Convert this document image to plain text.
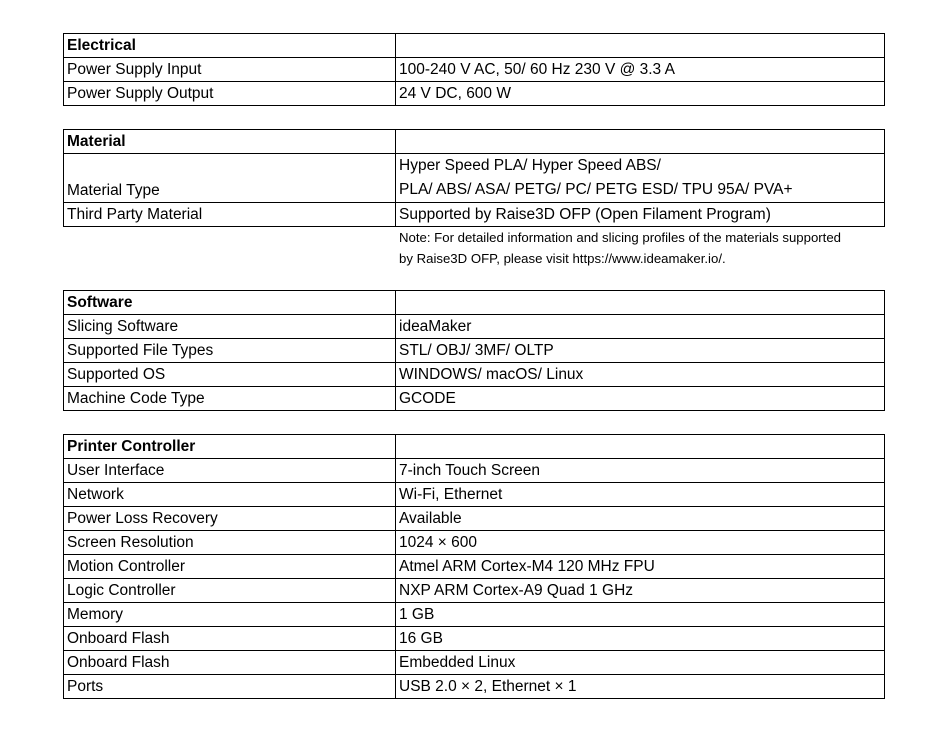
Electrical	
Power Supply Input	100-240 V AC, 50/ 60 Hz 230 V @ 3.3 A
Power Supply Output	24 V DC, 600 W
Material	
Material Type	Hyper Speed PLA/ Hyper Speed ABS/
PLA/ ABS/ ASA/ PETG/ PC/ PETG ESD/ TPU 95A/ PVA+

Third Party Material	Supported by Raise3D OFP (Open Filament Program)
Note: For detailed information and slicing profiles of the materials supported
by Raise3D OFP, please visit https://www.ideamaker.io/.
Software	
Slicing Software	ideaMaker
Supported File Types	STL/ OBJ/ 3MF/ OLTP
Supported OS	WINDOWS/ macOS/ Linux
Machine Code Type	GCODE
Printer Controller	
User Interface	7-inch Touch Screen
Network	Wi-Fi, Ethernet
Power Loss Recovery	Available
Screen Resolution	1024 × 600
Motion Controller	Atmel ARM Cortex-M4 120 MHz FPU
Logic Controller	NXP ARM Cortex-A9 Quad 1 GHz
Memory	1 GB
Onboard Flash	16 GB
Onboard Flash	Embedded Linux
Ports	USB 2.0 × 2, Ethernet × 1
